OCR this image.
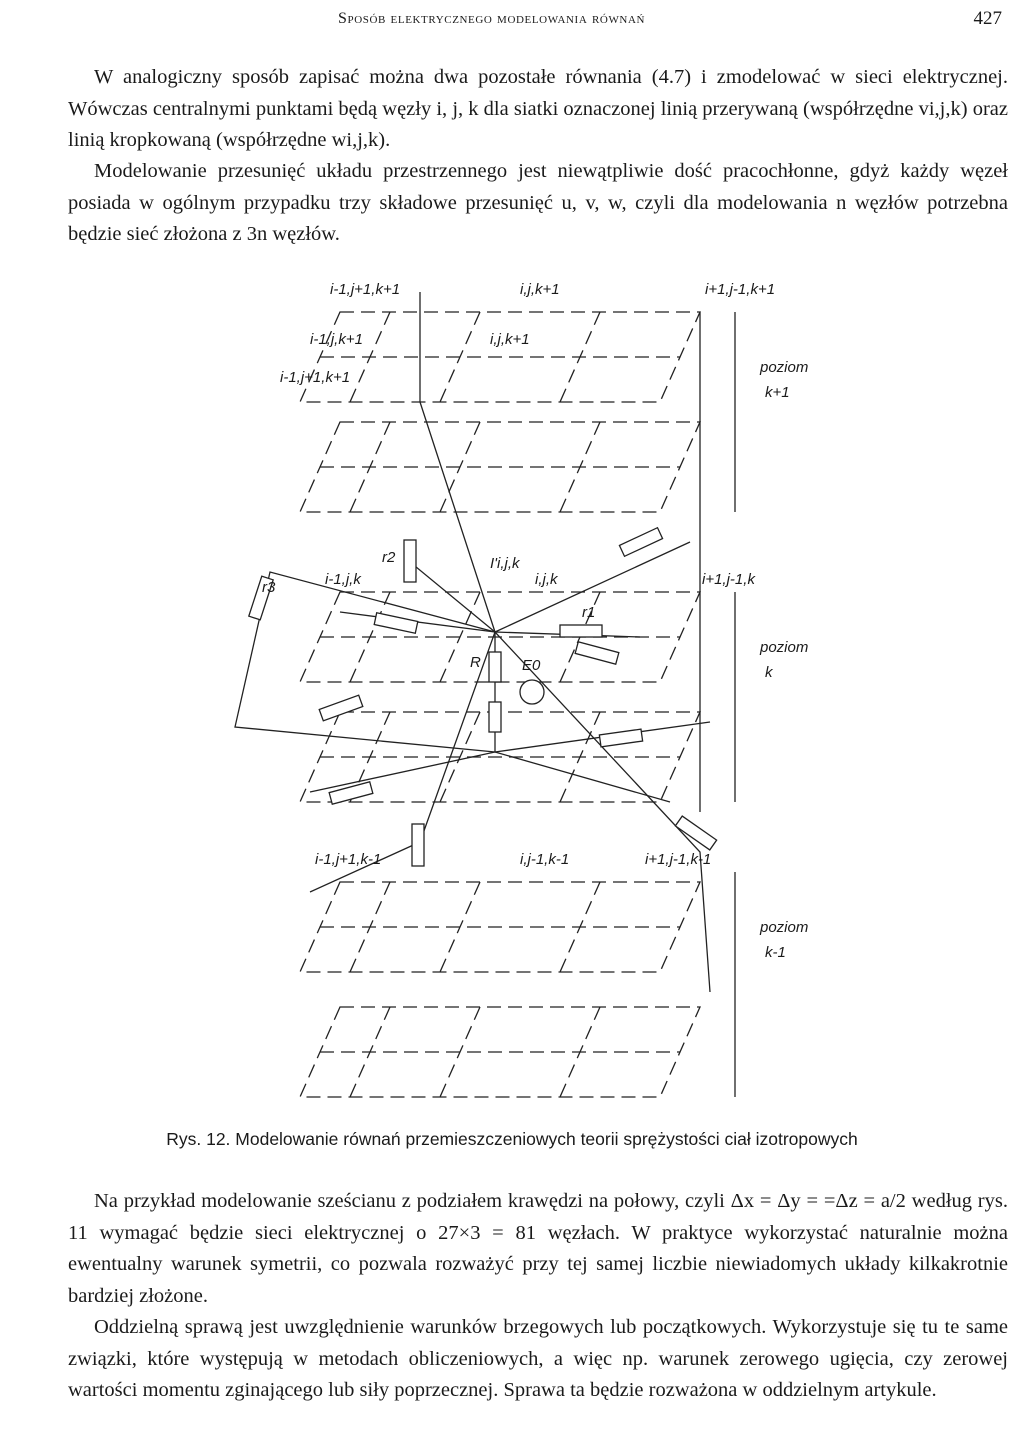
Sposób elektrycznego modelowania równań	427

W analogiczny sposób zapisać można dwa pozostałe równania (4.7) i zmodelować w sieci elektrycznej. Wówczas centralnymi punktami będą węzły i, j, k dla siatki oznaczonej linią przerywaną (współrzędne vi,j,k) oraz linią kropkowaną (współrzędne wi,j,k).

Modelowanie przesunięć układu przestrzennego jest niewątpliwie dość pracochłonne, gdyż każdy węzeł posiada w ogólnym przypadku trzy składowe przesunięć u, v, w, czyli dla modelowania n węzłów potrzebna będzie sieć złożona z 3n węzłów.

i-1,j+1,k+1	i,j,k+1	i+1,j-1,k+1
i-1,j,k+1	i,j,k+1
i-1,j+1,k+1
i-1,j,k
I'i,j,k
i,j,k	i+1,j-1,k
i-1,j+1,k-1	i,j-1,k-1	i+1,j-1,k-1
r2
R	E0
r1
r3
poziom
k+1
poziom
k
poziom
k-1
Rys. 12. Modelowanie równań przemieszczeniowych teorii sprężystości ciał izotropowych

Na przykład modelowanie sześcianu z podziałem krawędzi na połowy, czyli Δx = Δy = =Δz = a/2 według rys. 11 wymagać będzie sieci elektrycznej o 27×3 = 81 węzłach. W praktyce wykorzystać naturalnie można ewentualny warunek symetrii, co pozwala rozważyć przy tej samej liczbie niewiadomych układy kilkakrotnie bardziej złożone.

Oddzielną sprawą jest uwzględnienie warunków brzegowych lub początkowych. Wykorzystuje się tu te same związki, które występują w metodach obliczeniowych, a więc np. warunek zerowego ugięcia, czy zerowej wartości momentu zginającego lub siły poprzecznej. Sprawa ta będzie rozważona w oddzielnym artykule.
